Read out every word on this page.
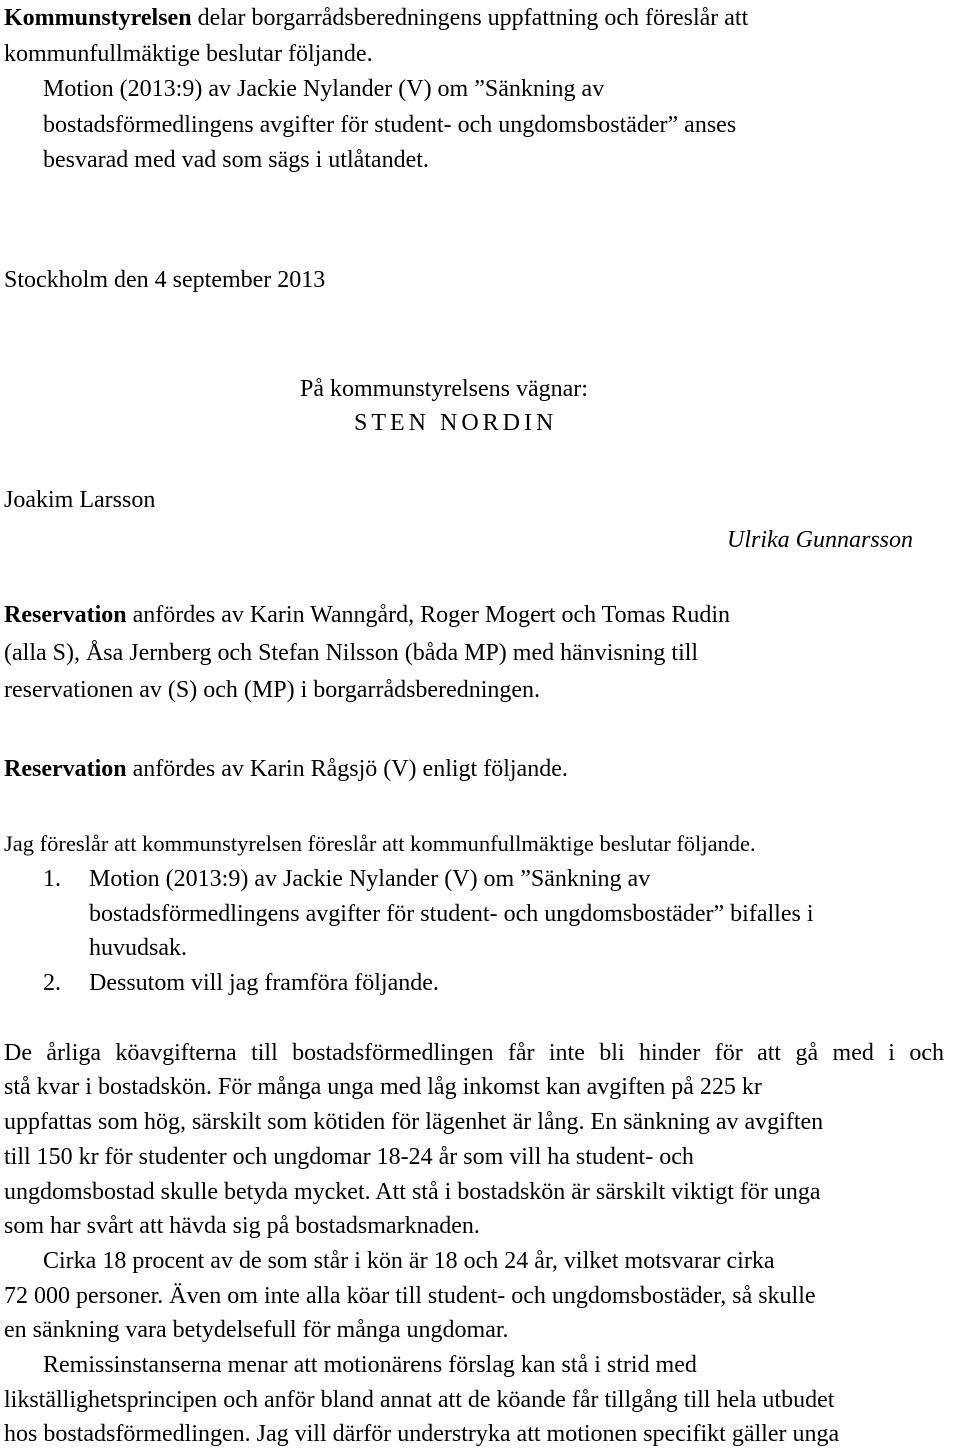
Kommunstyrelsen delar borgarrådsberedningens uppfattning och föreslår att
kommunfullmäktige beslutar följande.
Motion (2013:9) av Jackie Nylander (V) om ”Sänkning av
bostadsförmedlingens avgifter för student- och ungdomsbostäder” anses
besvarad med vad som sägs i utlåtandet.
Stockholm den 4 september 2013
På kommunstyrelsens vägnar:
STEN NORDIN
Joakim Larsson
Ulrika Gunnarsson
Reservation anfördes av Karin Wanngård, Roger Mogert och Tomas Rudin
(alla S), Åsa Jernberg och Stefan Nilsson (båda MP) med hänvisning till
reservationen av (S) och (MP) i borgarrådsberedningen.
Reservation anfördes av Karin Rågsjö (V) enligt följande.
Jag föreslår att kommunstyrelsen föreslår att kommunfullmäktige beslutar följande.
1. Motion (2013:9) av Jackie Nylander (V) om ”Sänkning av
bostadsförmedlingens avgifter för student- och ungdomsbostäder” bifalles i
huvudsak.
2. Dessutom vill jag framföra följande.
De årliga köavgifterna till bostadsförmedlingen får inte bli hinder för att gå med i och
stå kvar i bostadskön. För många unga med låg inkomst kan avgiften på 225 kr
uppfattas som hög, särskilt som kötiden för lägenhet är lång. En sänkning av avgiften
till 150 kr för studenter och ungdomar 18-24 år som vill ha student- och
ungdomsbostad skulle betyda mycket. Att stå i bostadskön är särskilt viktigt för unga
som har svårt att hävda sig på bostadsmarknaden.
Cirka 18 procent av de som står i kön är 18 och 24 år, vilket motsvarar cirka
72 000 personer. Även om inte alla köar till student- och ungdomsbostäder, så skulle
en sänkning vara betydelsefull för många ungdomar.
Remissinstanserna menar att motionärens förslag kan stå i strid med
likställighetsprincipen och anför bland annat att de köande får tillgång till hela utbudet
hos bostadsförmedlingen. Jag vill därför understryka att motionen specifikt gäller unga
